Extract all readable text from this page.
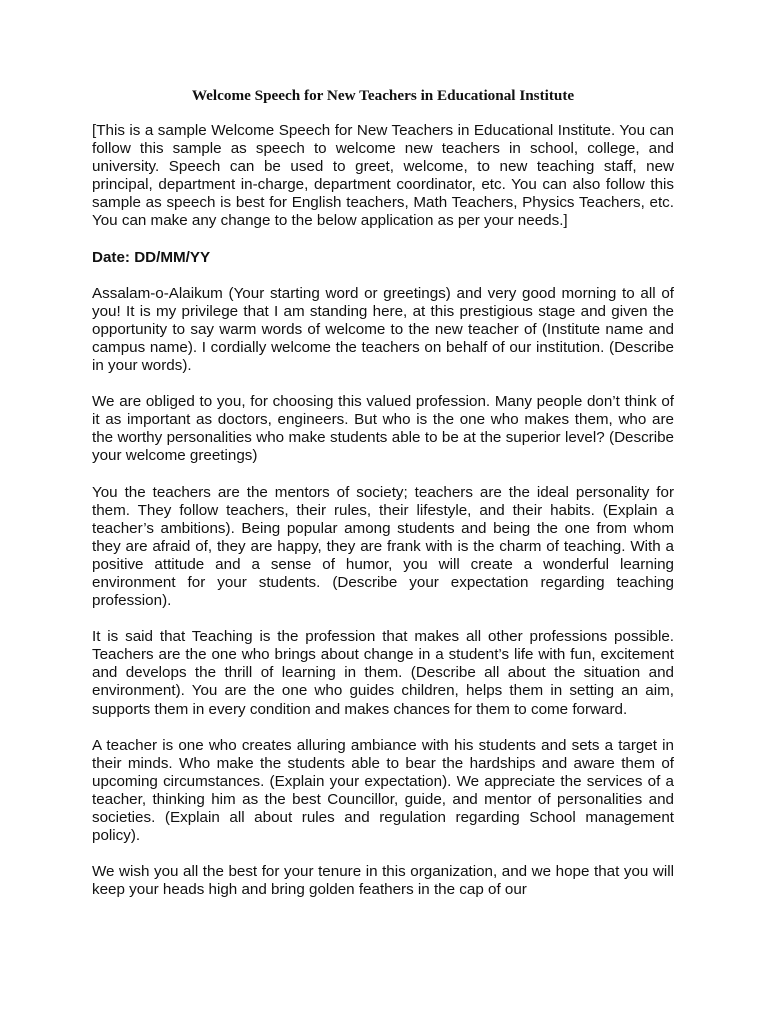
Welcome Speech for New Teachers in Educational Institute

[This is a sample Welcome Speech for New Teachers in Educational Institute. You can follow this sample as speech to welcome new teachers in school, college, and university. Speech can be used to greet, welcome, to new teaching staff, new principal, department in-charge, department coordinator, etc. You can also follow this sample as speech is best for English teachers, Math Teachers, Physics Teachers, etc. You can make any change to the below application as per your needs.]

Date: DD/MM/YY

Assalam-o-Alaikum (Your starting word or greetings) and very good morning to all of you! It is my privilege that I am standing here, at this prestigious stage and given the opportunity to say warm words of welcome to the new teacher of (Institute name and campus name). I cordially welcome the teachers on behalf of our institution. (Describe in your words).

We are obliged to you, for choosing this valued profession. Many people don’t think of it as important as doctors, engineers. But who is the one who makes them, who are the worthy personalities who make students able to be at the superior level? (Describe your welcome greetings)

You the teachers are the mentors of society; teachers are the ideal personality for them. They follow teachers, their rules, their lifestyle, and their habits. (Explain a teacher’s ambitions). Being popular among students and being the one from whom they are afraid of, they are happy, they are frank with is the charm of teaching. With a positive attitude and a sense of humor, you will create a wonderful learning environment for your students. (Describe your expectation regarding teaching profession).

It is said that Teaching is the profession that makes all other professions possible. Teachers are the one who brings about change in a student’s life with fun, excitement and develops the thrill of learning in them. (Describe all about the situation and environment). You are the one who guides children, helps them in setting an aim, supports them in every condition and makes chances for them to come forward.

A teacher is one who creates alluring ambiance with his students and sets a target in their minds. Who make the students able to bear the hardships and aware them of upcoming circumstances. (Explain your expectation). We appreciate the services of a teacher, thinking him as the best Councillor, guide, and mentor of personalities and societies. (Explain all about rules and regulation regarding School management policy).

We wish you all the best for your tenure in this organization, and we hope that you will keep your heads high and bring golden feathers in the cap of our
